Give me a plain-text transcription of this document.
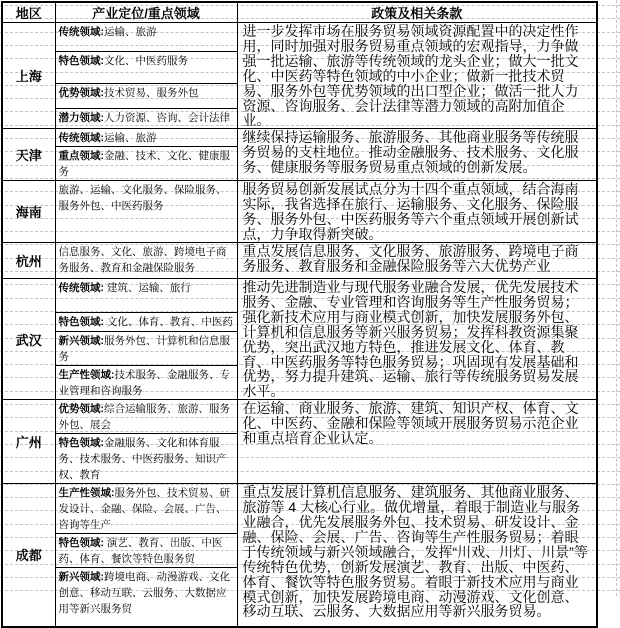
地区	产业定位/重点领域	政策及相关条款
上海	传统领域:运输、旅游	进一步发挥市场在服务贸易领域资源配置中的决定性作用，同时加强对服务贸易重点领域的宏观指导，力争做强一批运输、旅游等传统领域的龙头企业；做大一批文化、中医药等特色领域的中小企业；做新一批技术贸易、服务外包等优势领域的出口型企业；做活一批人力资源、咨询服务、会计法律等潜力领域的高附加值企业。
	特色领域:文化、中医药服务	
	优势领域:技术贸易、服务外包	
	潜力领域:人力资源、咨询、会计法律	
天津	传统领域:运输、旅游	继续保持运输服务、旅游服务、其他商业服务等传统服务贸易的支柱地位。推动金融服务、技术服务、文化服务、健康服务等服务贸易重点领域的创新发展。
	重点领域:金融、技术、文化、健康服务	
海南	旅游、运输、文化服务、保险服务、服务外包、中医药服务	服务贸易创新发展试点分为十四个重点领域，结合海南实际，我省选择在旅行、运输服务、文化服务、保险服务、服务外包、中医药服务等六个重点领域开展创新试点，力争取得新突破。
杭州	信息服务、文化、旅游、跨境电子商务服务、教育和金融保险服务	重点发展信息服务、文化服务、旅游服务、跨境电子商务服务、教育服务和金融保险服务等六大优势产业
武汉	传统领域: 建筑、运输、旅行	推动先进制造业与现代服务业融合发展，优先发展技术服务、金融、专业管理和咨询服务等生产性服务贸易；强化新技术应用与商业模式创新，加快发展服务外包、计算机和信息服务等新兴服务贸易；发挥科教资源集聚优势，突出武汉地方特色，推进发展文化、体育、教育、中医药服务等特色服务贸易；巩固现有发展基础和优势，努力提升建筑、运输、旅行等传统服务贸易发展水平。
	特色领域: 文化、体育、教育、中医药	
	新兴领域:服务外包、计算机和信息服务	
	生产性领域:技术服务、金融服务、专业管理和咨询服务	
广州	优势领域:综合运输服务、旅游、服务外包、展会	在运输、商业服务、旅游、建筑、知识产权、体育、文化、中医药、金融和保险等领域开展服务贸易示范企业和重点培育企业认定。
	特色领域:金融服务、文化和体育服务、技术服务、中医药服务、知识产权、教育	
成都	生产性领域:服务外包、技术贸易、研发设计、金融、保险、会展、广告、咨询等生产	重点发展计算机信息服务、建筑服务、其他商业服务、旅游等 4 大核心行业。做优增量，着眼于制造业与服务业融合，优先发展服务外包、技术贸易、研发设计、金融、保险、会展、广告、咨询等生产性服务贸易；着眼于传统领域与新兴领域融合，发挥“川戏、川灯、川景”等传统特色优势，创新发展演艺、教育、出版、中医药、体育、餐饮等特色服务贸易。着眼于新技术应用与商业模式创新，加快发展跨境电商、动漫游戏、文化创意、移动互联、云服务、大数据应用等新兴服务贸易。
	特色领域: 演艺、教育、出版、中医药、体育、餐饮等特色服务贸	
	新兴领域:跨境电商、动漫游戏、文化创意、移动互联、云服务、大数据应用等新兴服务贸	
